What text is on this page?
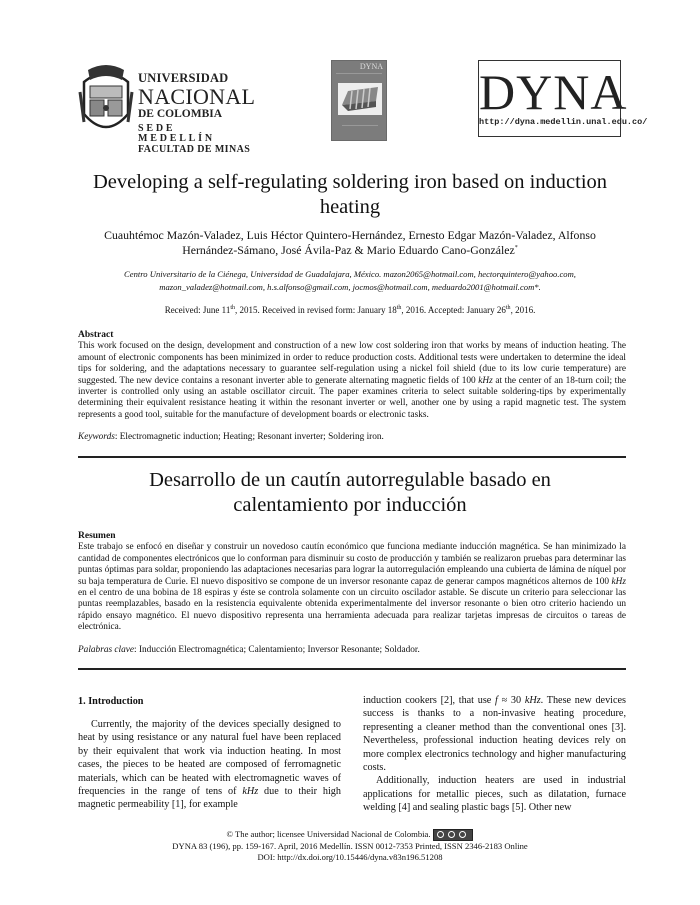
UNIVERSIDAD
NACIONAL
DE COLOMBIA
SEDE MEDELLÍN
FACULTAD DE MINAS
DYNA DYNA
http://dyna.medellin.unal.edu.co/
Developing a self-regulating soldering iron based on induction heating
Cuauhtémoc Mazón-Valadez, Luis Héctor Quintero-Hernández, Ernesto Edgar Mazón-Valadez, Alfonso Hernández-Sámano, José Ávila-Paz & Mario Eduardo Cano-González*
Centro Universitario de la Ciénega, Universidad de Guadalajara, México. mazon2065@hotmail.com, hectorquintero@yahoo.com, mazon_valadez@hotmail.com, h.s.alfonso@gmail.com, jocmos@hotmail.com, meduardo2001@hotmail.com*.
Received: June 11th, 2015. Received in revised form: January 18th, 2016. Accepted: January 26th, 2016.
Abstract
This work focused on the design, development and construction of a new low cost soldering iron that works by means of induction heating. The amount of electronic components has been minimized in order to reduce production costs. Additional tests were undertaken to determine the ideal tips for soldering, and the adaptations necessary to guarantee self-regulation using a nickel foil shield (due to its low curie temperature) are suggested. The new device contains a resonant inverter able to generate alternating magnetic fields of 100 kHz at the center of an 18-turn coil; the inverter is controlled only using an astable oscillator circuit. The paper examines criteria to select suitable soldering-tips by experimentally determining their equivalent resistance heating it within the resonant inverter or well, another one by using a rapid magnetic test. The system represents a good tool, suitable for the manufacture of development boards or electronic tasks.
Keywords: Electromagnetic induction; Heating; Resonant inverter; Soldering iron.
Desarrollo de un cautín autorregulable basado en calentamiento por inducción
Resumen
Este trabajo se enfocó en diseñar y construir un novedoso cautín económico que funciona mediante inducción magnética. Se han minimizado la cantidad de componentes electrónicos que lo conforman para disminuir su costo de producción y también se realizaron pruebas para determinar las puntas óptimas para soldar, proponiendo las adaptaciones necesarias para lograr la autorregulación empleando una cubierta de lámina de níquel por su baja temperatura de Curie. El nuevo dispositivo se compone de un inversor resonante capaz de generar campos magnéticos alternos de 100 kHz en el centro de una bobina de 18 espiras y éste se controla solamente con un circuito oscilador astable. Se discute un criterio para seleccionar las puntas reemplazables, basado en la resistencia equivalente obtenida experimentalmente del inversor resonante o bien otro criterio haciendo un rápido ensayo magnético. El nuevo dispositivo representa una herramienta adecuada para realizar tarjetas impresas de circuitos o tareas de electrónica.
Palabras clave: Inducción Electromagnética; Calentamiento; Inversor Resonante; Soldador.
1. Introduction

Currently, the majority of the devices specially designed to heat by using resistance or any natural fuel have been replaced by their equivalent that work via induction heating. In most cases, the pieces to be heated are composed of ferromagnetic materials, which can be heated with electromagnetic waves of frequencies in the range of tens of kHz due to their high magnetic permeability [1], for example

induction cookers [2], that use f ≈ 30 kHz. These new devices success is thanks to a non-invasive heating procedure, representing a cleaner method than the conventional ones [3]. Nevertheless, professional induction heating devices rely on more complex electronics technology and higher manufacturing costs.

Additionally, induction heaters are used in industrial applications for metallic pieces, such as dilatation, furnace welding [4] and sealing plastic bags [5]. Other new

© The author; licensee Universidad Nacional de Colombia.
DYNA 83 (196), pp. 159-167. April, 2016 Medellín. ISSN 0012-7353 Printed, ISSN 2346-2183 Online
DOI: http://dx.doi.org/10.15446/dyna.v83n196.51208
